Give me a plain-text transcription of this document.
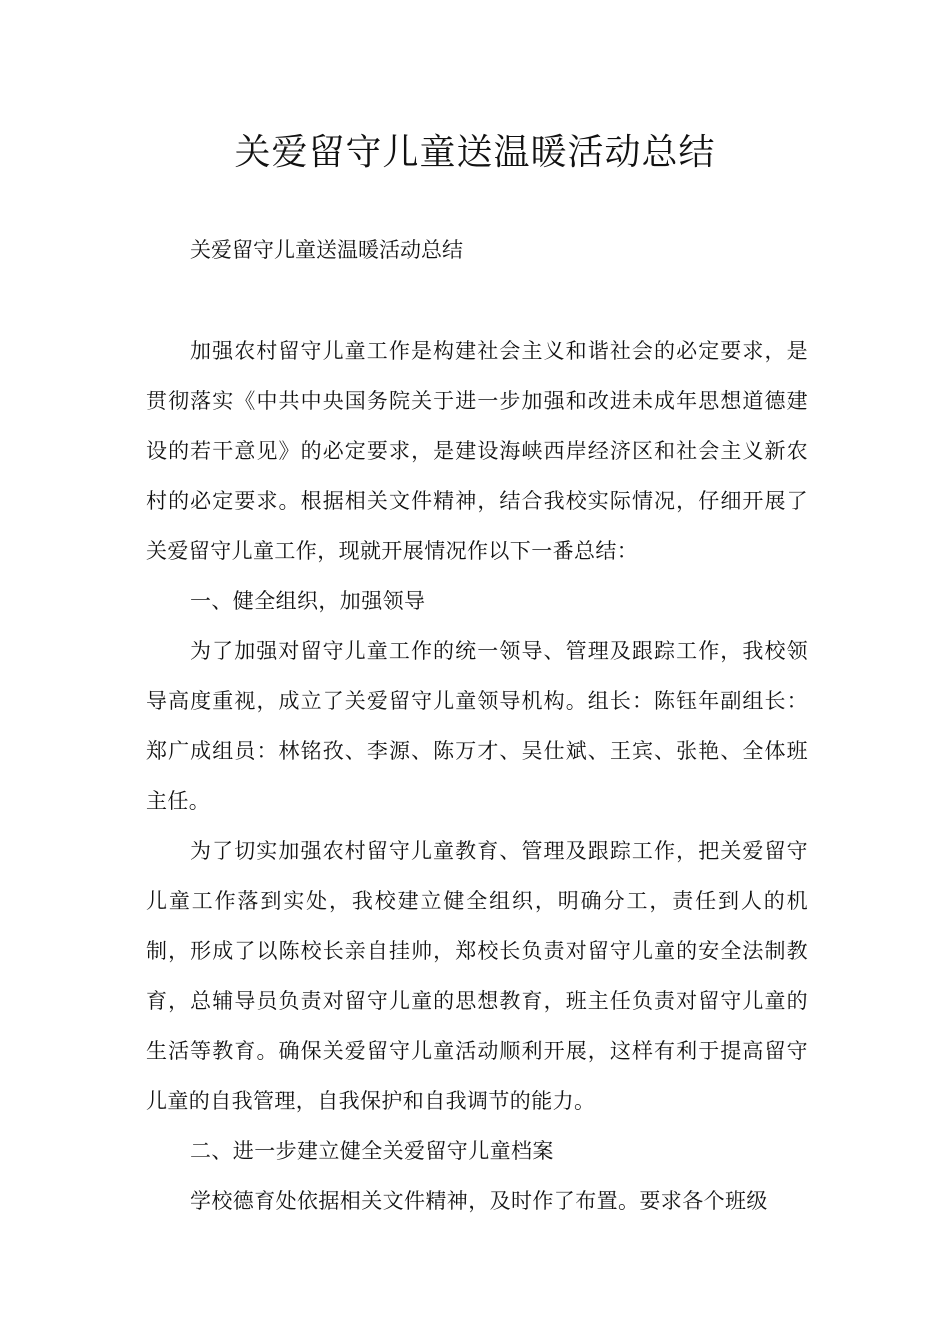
关爱留守儿童送温暖活动总结

关爱留守儿童送温暖活动总结

加强农村留守儿童工作是构建社会主义和谐社会的必定要求，是贯彻落实《中共中央国务院关于进一步加强和改进未成年思想道德建设的若干意见》的必定要求，是建设海峡西岸经济区和社会主义新农村的必定要求。根据相关文件精神，结合我校实际情况，仔细开展了关爱留守儿童工作，现就开展情况作以下一番总结：

一、健全组织，加强领导

为了加强对留守儿童工作的统一领导、管理及跟踪工作，我校领导高度重视，成立了关爱留守儿童领导机构。组长：陈钰年副组长：郑广成组员：林铭孜、李源、陈万才、吴仕斌、王宾、张艳、全体班主任。

为了切实加强农村留守儿童教育、管理及跟踪工作，把关爱留守儿童工作落到实处，我校建立健全组织，明确分工，责任到人的机制，形成了以陈校长亲自挂帅，郑校长负责对留守儿童的安全法制教育，总辅导员负责对留守儿童的思想教育，班主任负责对留守儿童的生活等教育。确保关爱留守儿童活动顺利开展，这样有利于提高留守儿童的自我管理，自我保护和自我调节的能力。

二、进一步建立健全关爱留守儿童档案

学校德育处依据相关文件精神，及时作了布置。要求各个班级
